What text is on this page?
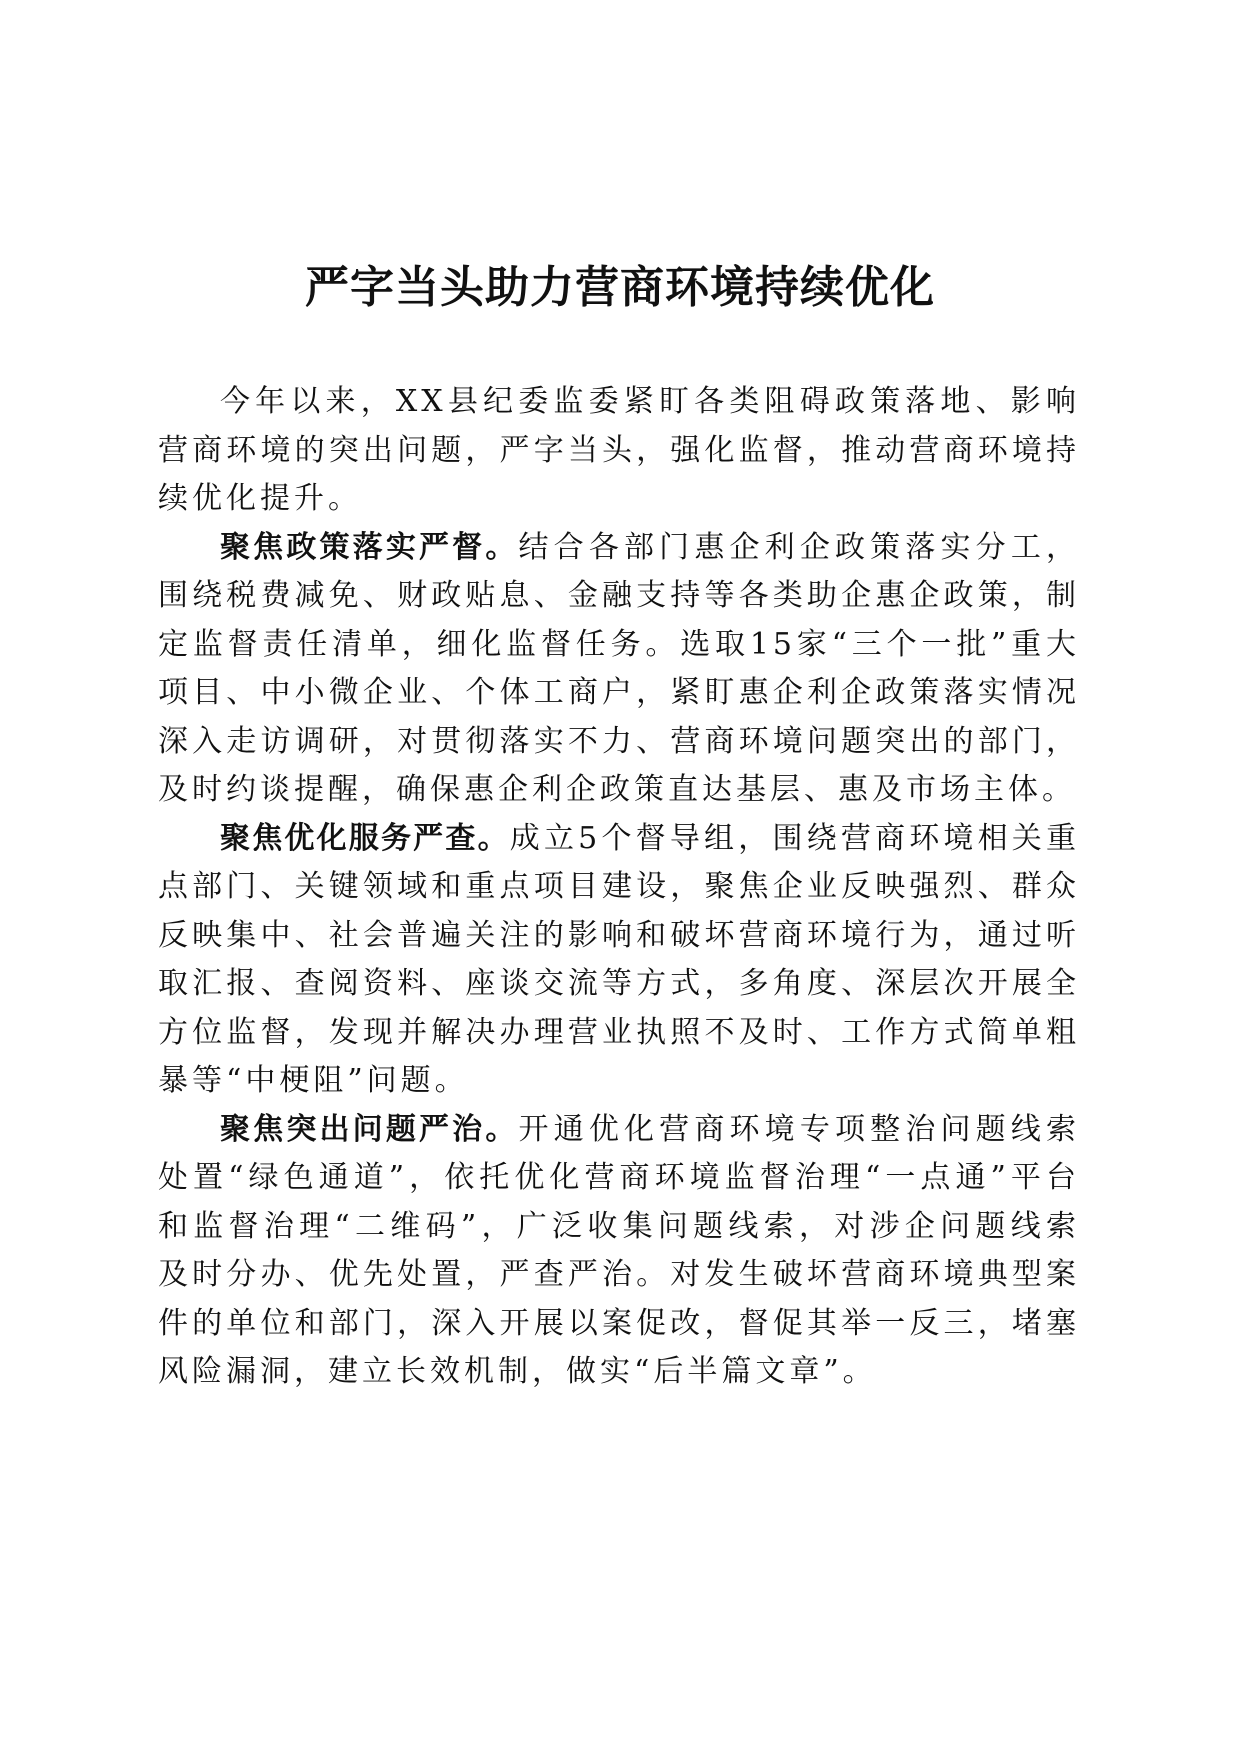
严字当头助力营商环境持续优化

今年以来，XX县纪委监委紧盯各类阻碍政策落地、影响营商环境的突出问题，严字当头，强化监督，推动营商环境持续优化提升。

聚焦政策落实严督。结合各部门惠企利企政策落实分工，围绕税费减免、财政贴息、金融支持等各类助企惠企政策，制定监督责任清单，细化监督任务。选取15家“三个一批”重大项目、中小微企业、个体工商户，紧盯惠企利企政策落实情况深入走访调研，对贯彻落实不力、营商环境问题突出的部门，及时约谈提醒，确保惠企利企政策直达基层、惠及市场主体。

聚焦优化服务严查。成立5个督导组，围绕营商环境相关重点部门、关键领域和重点项目建设，聚焦企业反映强烈、群众反映集中、社会普遍关注的影响和破坏营商环境行为，通过听取汇报、查阅资料、座谈交流等方式，多角度、深层次开展全方位监督，发现并解决办理营业执照不及时、工作方式简单粗暴等“中梗阻”问题。

聚焦突出问题严治。开通优化营商环境专项整治问题线索处置“绿色通道”，依托优化营商环境监督治理“一点通”平台和监督治理“二维码”，广泛收集问题线索，对涉企问题线索及时分办、优先处置，严查严治。对发生破坏营商环境典型案件的单位和部门，深入开展以案促改，督促其举一反三，堵塞风险漏洞，建立长效机制，做实“后半篇文章”。
